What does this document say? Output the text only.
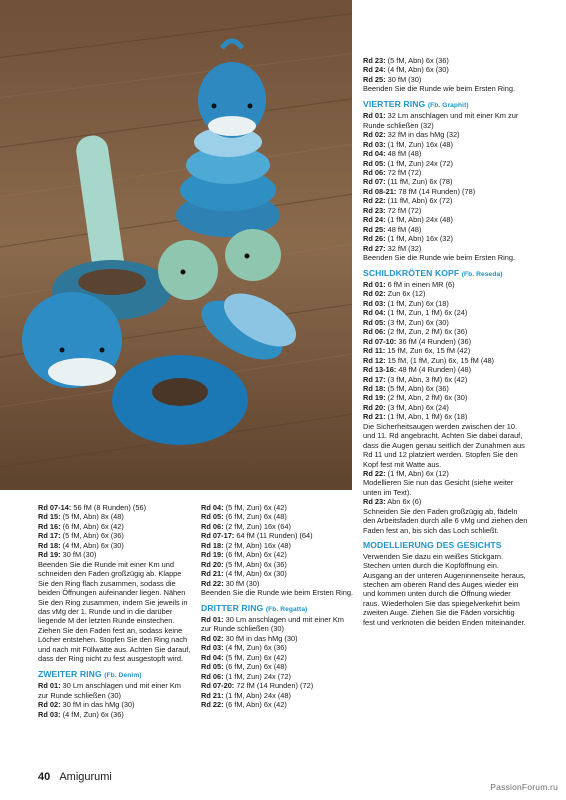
Rd 07-14: 56 fM (8 Runden) (56)
Rd 15: (5 fM, Abn) 8x (48)
Rd 16: (6 fM, Abn) 6x (42)
Rd 17: (5 fM, Abn) 6x (36)
Rd 18: (4 fM, Abn) 6x (30)
Rd 19: 30 fM (30)
Beenden Sie die Runde mit einer Km und schneiden den Faden großzügig ab. Klappe Sie den Ring flach zusammen, sodass die beiden Öffnungen aufeinander liegen. Nähen Sie den Ring zusammen, indem Sie jeweils in das vMg der 1. Runde und in die darüber liegende M der letzten Runde einstechen. Ziehen Sie den Faden fest an, sodass keine Löcher entstehen. Stopfen Sie den Ring nach und nach mit Füllwatte aus. Achten Sie darauf, dass der Ring nicht zu fest ausgestopft wird.
ZWEITER RING (Fb. Denim)
Rd 01: 30 Lm anschlagen und mit einer Km zur Runde schließen (30)
Rd 02: 30 fM in das hMg (30)
Rd 03: (4 fM, Zun) 6x (36)
Rd 04: (5 fM, Zun) 6x (42)
Rd 05: (6 fM, Zun) 6x (48)
Rd 06: (2 fM, Zun) 16x (64)
Rd 07-17: 64 fM (11 Runden) (64)
Rd 18: (2 fM, Abn) 16x (48)
Rd 19: (6 fM, Abn) 6x (42)
Rd 20: (5 fM, Abn) 6x (36)
Rd 21: (4 fM, Abn) 6x (30)
Rd 22: 30 fM (30)
Beenden Sie die Runde wie beim Ersten Ring.
DRITTER RING (Fb. Regatta)
Rd 01: 30 Lm anschlagen und mit einer Km zur Runde schließen (30)
Rd 02: 30 fM in das hMg (30)
Rd 03: (4 fM, Zun) 6x (36)
Rd 04: (5 fM, Zun) 6x (42)
Rd 05: (6 fM, Zun) 6x (48)
Rd 06: (1 fM, Zun) 24x (72)
Rd 07-20: 72 fM (14 Runden) (72)
Rd 21: (1 fM, Abn) 24x (48)
Rd 22: (6 fM, Abn) 6x (42)
Rd 23: (5 fM, Abn) 6x (36)
Rd 24: (4 fM, Abn) 6x (30)
Rd 25: 30 fM (30)
Beenden Sie die Runde wie beim Ersten Ring.
VIERTER RING (Fb. Graphit)
Rd 01: 32 Lm anschlagen und mit einer Km zur Runde schließen (32)
Rd 02: 32 fM in das hMg (32)
Rd 03: (1 fM, Zun) 16x (48)
Rd 04: 48 fM (48)
Rd 05: (1 fM, Zun) 24x (72)
Rd 06: 72 fM (72)
Rd 07: (11 fM, Zun) 6x (78)
Rd 08-21: 78 fM (14 Runden) (78)
Rd 22: (11 fM, Abn) 6x (72)
Rd 23: 72 fM (72)
Rd 24: (1 fM, Abn) 24x (48)
Rd 25: 48 fM (48)
Rd 26: (1 fM, Abn) 16x (32)
Rd 27: 32 fM (32)
Beenden Sie die Runde wie beim Ersten Ring.
SCHILDKRÖTEN KOPF (Fb. Reseda)
Rd 01: 6 fM in einen MR (6)
Rd 02: Zun 6x (12)
Rd 03: (1 fM, Zun) 6x (18)
Rd 04: (1 fM, Zun, 1 fM) 6x (24)
Rd 05: (3 fM, Zun) 6x (30)
Rd 06: (2 fM, Zun, 2 fM) 6x (36)
Rd 07-10: 36 fM (4 Runden) (36)
Rd 11: 15 fM, Zun 6x, 15 fM (42)
Rd 12: 15 fM, (1 fM, Zun) 6x, 15 fM (48)
Rd 13-16: 48 fM (4 Runden) (48)
Rd 17: (3 fM, Abn, 3 fM) 6x (42)
Rd 18: (5 fM, Abn) 6x (36)
Rd 19: (2 fM, Abn, 2 fM) 6x (30)
Rd 20: (3 fM, Abn) 6x (24)
Rd 21: (1 fM, Abn, 1 fM) 6x (18)
Die Sicherheitsaugen werden zwischen der 10. und 11. Rd angebracht. Achten Sie dabei darauf, dass die Augen genau seitlich der Zunahmen aus Rd 11 und 12 platziert werden. Stopfen Sie den Kopf fest mit Watte aus.
Rd 22: (1 fM, Abn) 6x (12)
Modellieren Sie nun das Gesicht (siehe weiter unten im Text).
Rd 23: Abn 6x (6)
Schneiden Sie den Faden großzügig ab, fädeln den Arbeitsfaden durch alle 6 vMg und ziehen den Faden fest an, bis sich das Loch schließt.
MODELLIERUNG DES GESICHTS
Verwenden Sie dazu ein weißes Stickgarn. Stechen unten durch die Kopföffnung ein. Ausgang an der unteren Augeninnenseite heraus, stechen am oberen Rand des Auges wieder ein und kommen unten durch die Öffnung wieder raus. Wiederholen Sie das spiegelverkehrt beim zweiten Auge. Ziehen Sie die Fäden vorsichtig fest und verknoten die beiden Enden miteinander.
40 Amigurumi
PassionForum.ru
